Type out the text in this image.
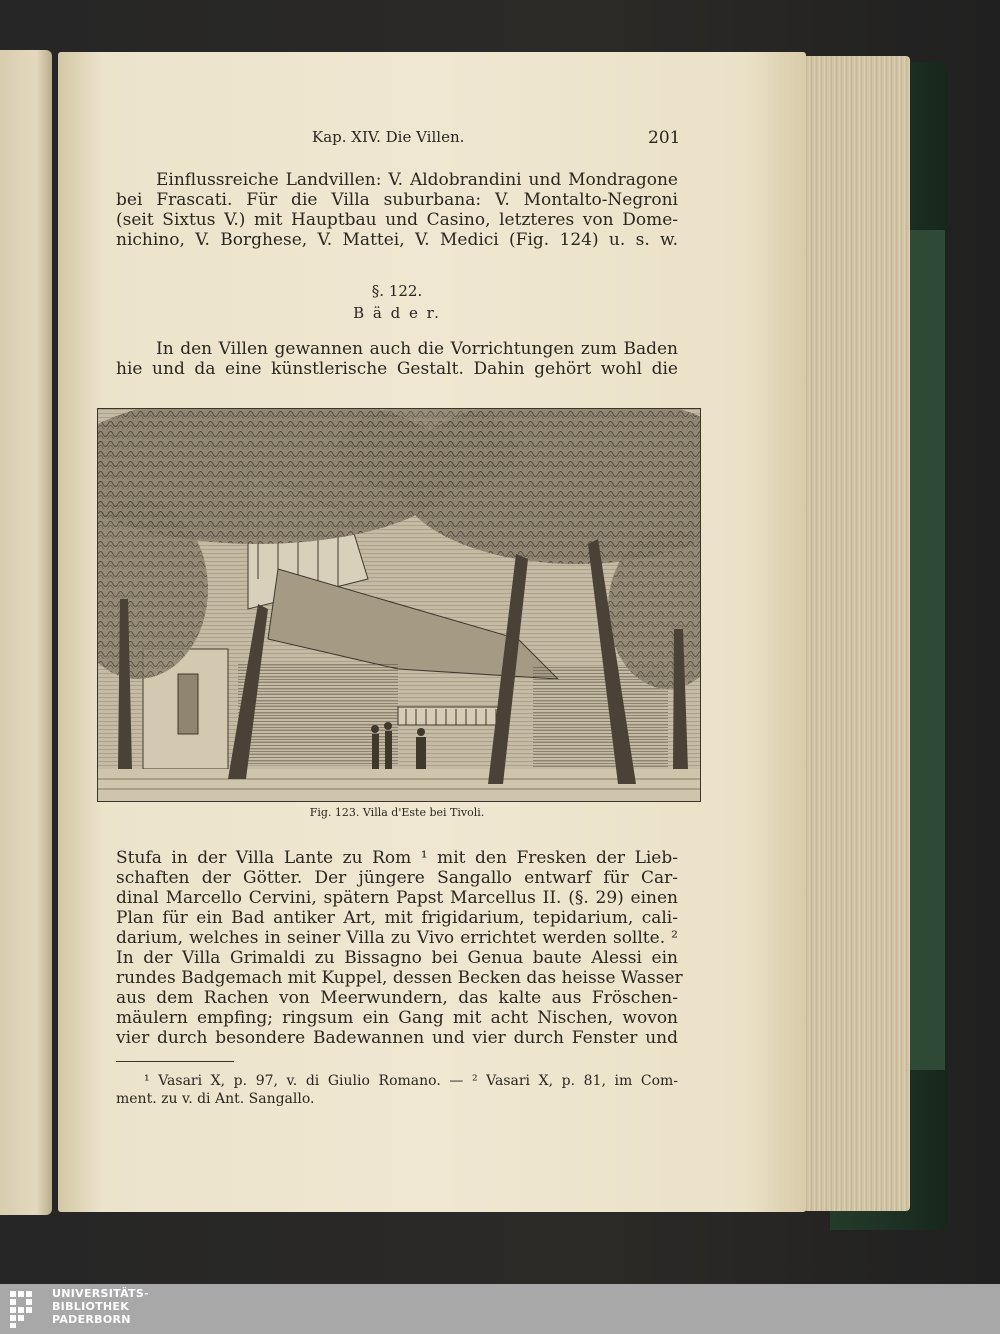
Kap. XIV. Die Villen.	201
Einflussreiche Landvillen: V. Aldobrandini und Mondragone
bei Frascati. Für die Villa suburbana: V. Montalto-Negroni
(seit Sixtus V.) mit Hauptbau und Casino, letzteres von Dome-
nichino, V. Borghese, V. Mattei, V. Medici (Fig. 124) u. s. w.
§. 122.
B ä d e r.
In den Villen gewannen auch die Vorrichtungen zum Baden
hie und da eine künstlerische Gestalt. Dahin gehört wohl die
Fig. 123. Villa d'Este bei Tivoli.
Stufa in der Villa Lante zu Rom ¹ mit den Fresken der Lieb-
schaften der Götter. Der jüngere Sangallo entwarf für Car-
dinal Marcello Cervini, spätern Papst Marcellus II. (§. 29) einen
Plan für ein Bad antiker Art, mit frigidarium, tepidarium, cali-
darium, welches in seiner Villa zu Vivo errichtet werden sollte. ²
In der Villa Grimaldi zu Bissagno bei Genua baute Alessi ein
rundes Badgemach mit Kuppel, dessen Becken das heisse Wasser
aus dem Rachen von Meerwundern, das kalte aus Fröschen-
mäulern empfing; ringsum ein Gang mit acht Nischen, wovon
vier durch besondere Badewannen und vier durch Fenster und
¹ Vasari X, p. 97, v. di Giulio Romano. — ² Vasari X, p. 81, im Com-
ment. zu v. di Ant. Sangallo.
UNIVERSITÄTS-
BIBLIOTHEK
PADERBORN
